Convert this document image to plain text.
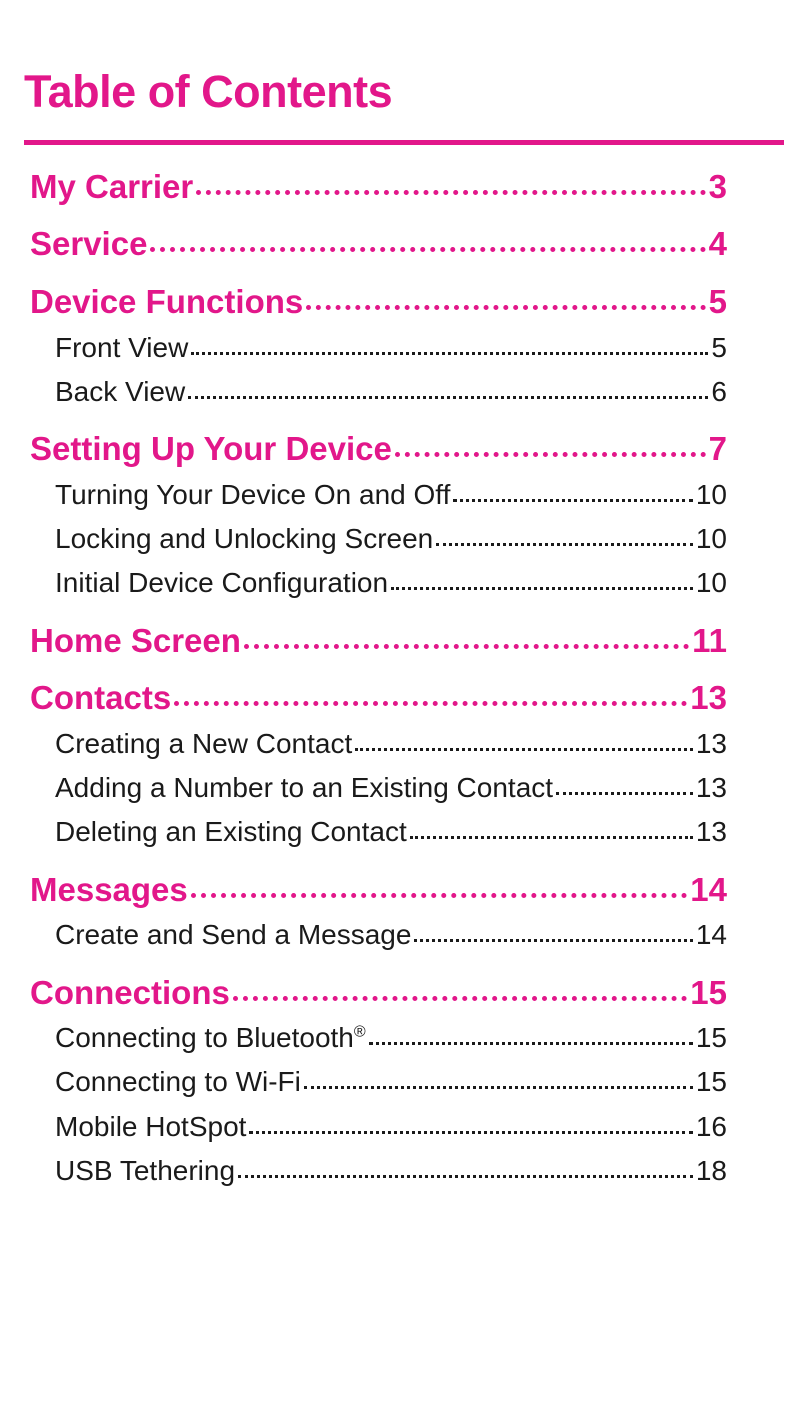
Table of Contents
My Carrier	3
Service	4
Device Functions	5
Front View	5
Back View	6
Setting Up Your Device	7
Turning Your Device On and Off	10
Locking and Unlocking Screen	10
Initial Device Configuration	10
Home Screen	11
Contacts	13
Creating a New Contact	13
Adding a Number to an Existing Contact	13
Deleting an Existing Contact	13
Messages	14
Create and Send a Message	14
Connections	15
Connecting to Bluetooth®	15
Connecting to Wi-Fi	15
Mobile HotSpot	16
USB Tethering	18
